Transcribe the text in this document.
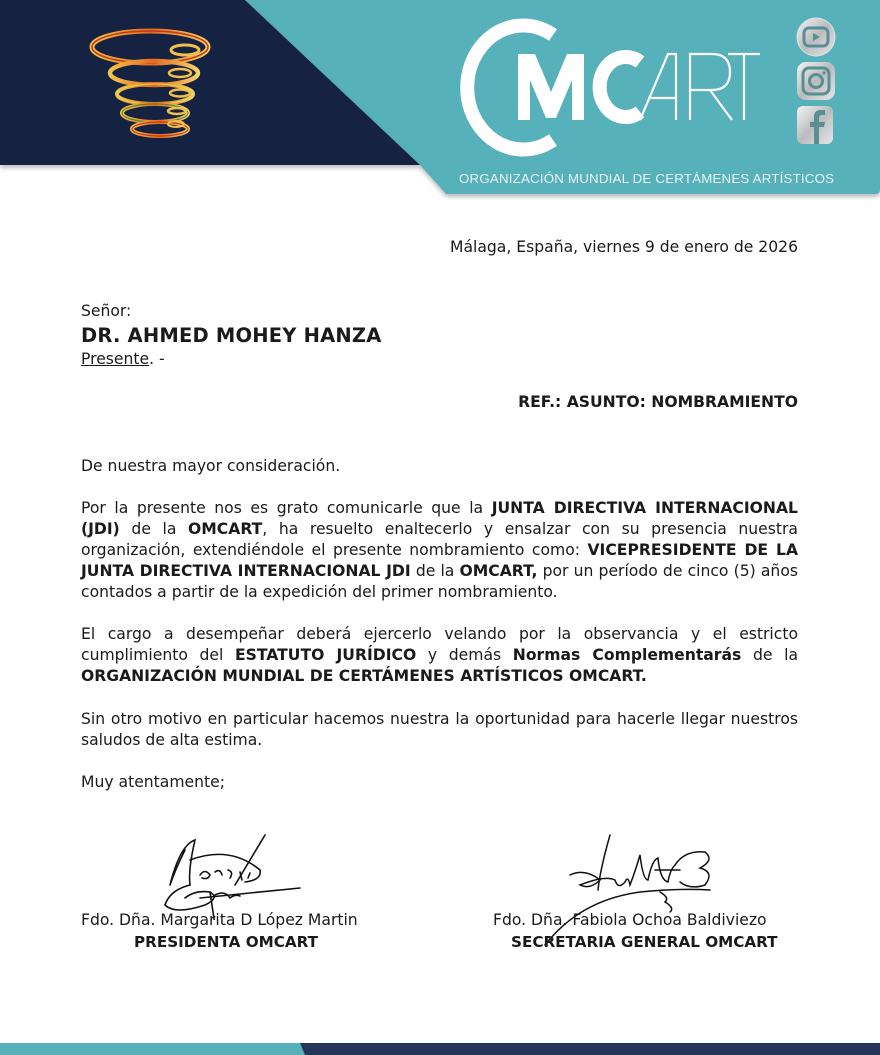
ORGANIZACIÓN MUNDIAL DE CERTÁMENES ARTÍSTICOS
Málaga, España, viernes 9 de enero de 2026
Señor:
DR. AHMED MOHEY HANZA
Presente. -
REF.: ASUNTO: NOMBRAMIENTO

De nuestra mayor consideración.

Por la presente nos es grato comunicarle que la JUNTA DIRECTIVA INTERNACIONAL (JDI) de la OMCART, ha resuelto enaltecerlo y ensalzar con su presencia nuestra organización, extendiéndole el presente nombramiento como: VICEPRESIDENTE DE LA JUNTA DIRECTIVA INTERNACIONAL JDI de la OMCART, por un período de cinco (5) años contados a partir de la expedición del primer nombramiento.

El cargo a desempeñar deberá ejercerlo velando por la observancia y el estricto cumplimiento del ESTATUTO JURÍDICO y demás Normas Complementarás de la ORGANIZACIÓN MUNDIAL DE CERTÁMENES ARTÍSTICOS OMCART.

Sin otro motivo en particular hacemos nuestra la oportunidad para hacerle llegar nuestros saludos de alta estima.

Muy atentamente;

Fdo. Dña. Margarita D López Martin
PRESIDENTA OMCART
Fdo. Dña. Fabiola Ochoa Baldiviezo
SECRETARIA GENERAL OMCART
